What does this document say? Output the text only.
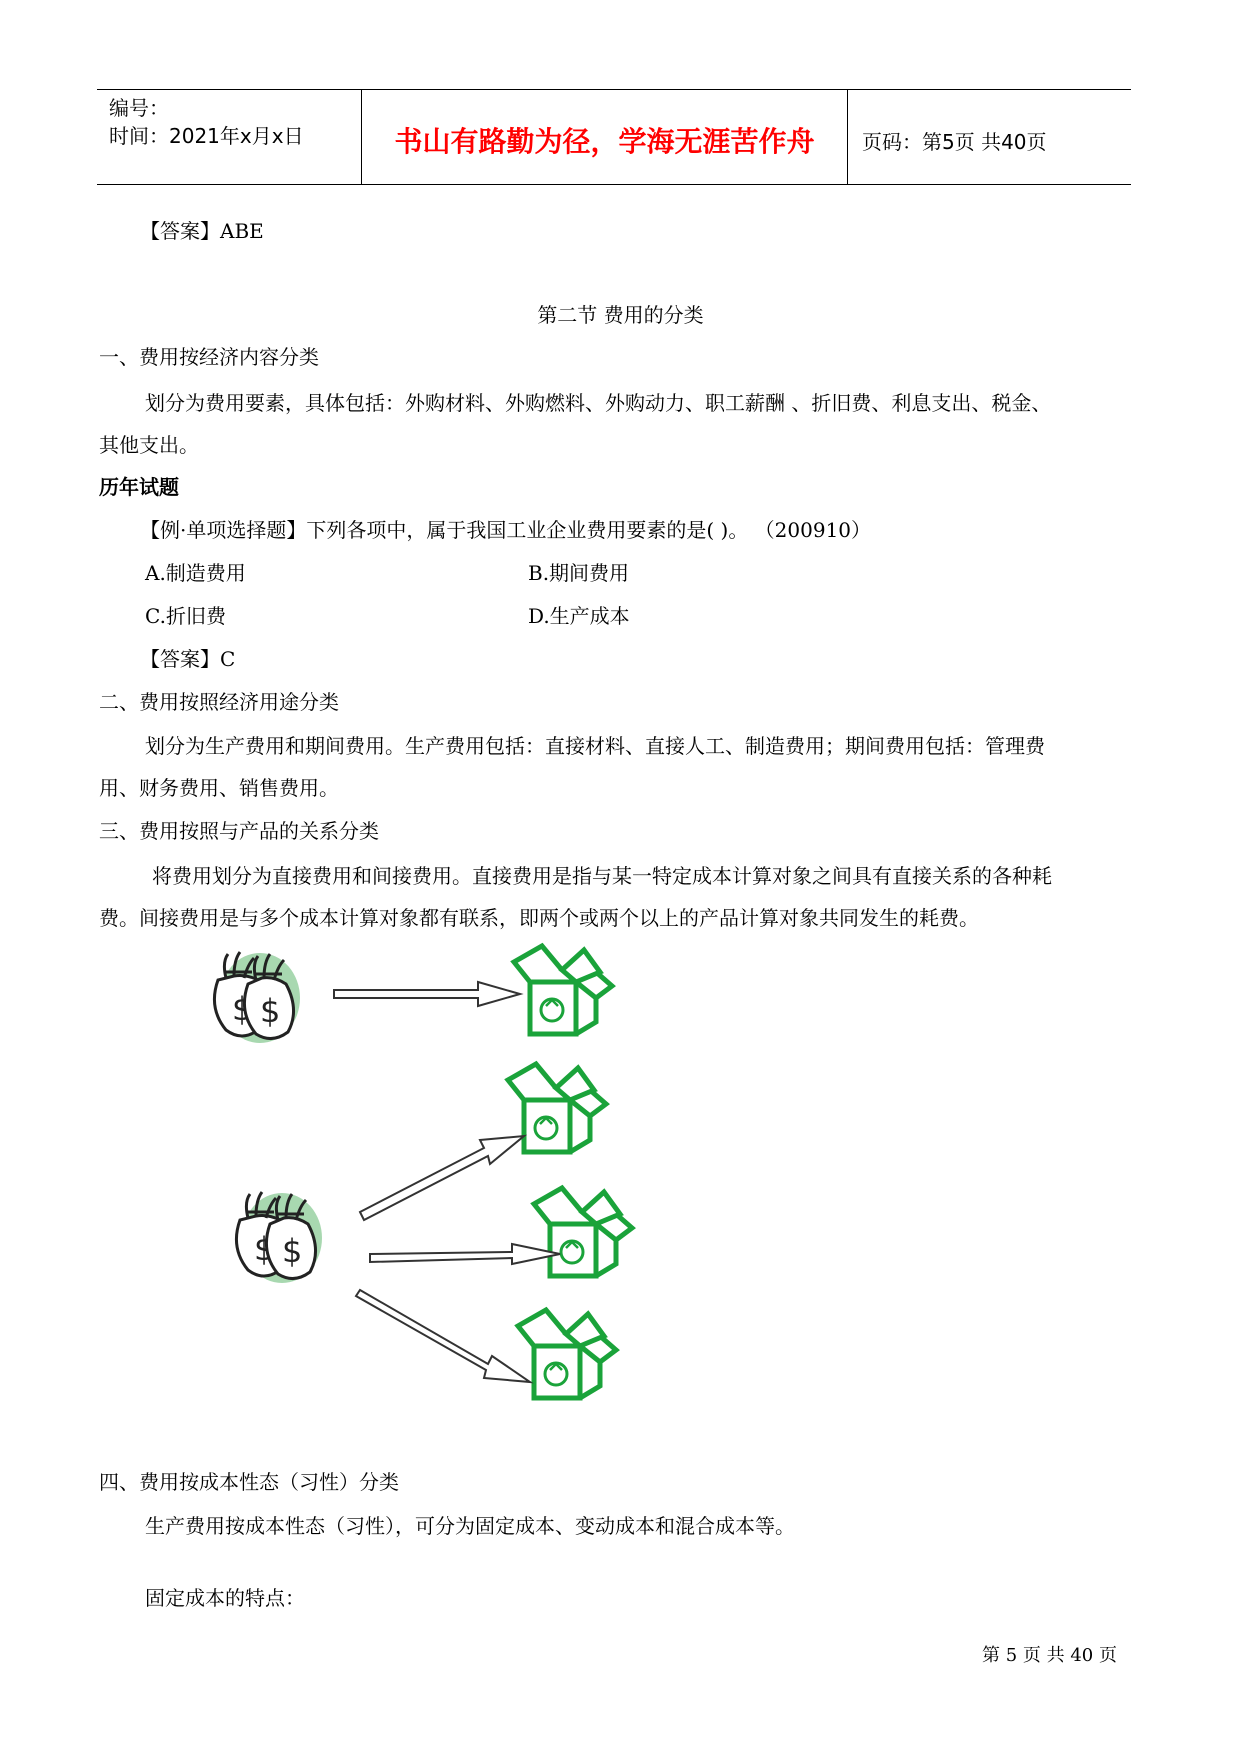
编号：
时间：2021年x月x日	书山有路勤为径，学海无涯苦作舟	页码：第5页 共40页
【答案】ABE
第二节 费用的分类
一、费用按经济内容分类
划分为费用要素，具体包括：外购材料、外购燃料、外购动力、职工薪酬 、折旧费、利息支出、税金、
其他支出。
历年试题
【例·单项选择题】下列各项中，属于我国工业企业费用要素的是( )。 （200910）
A.制造费用	B.期间费用
C.折旧费	D.生产成本
【答案】C
二、费用按照经济用途分类
划分为生产费用和期间费用。生产费用包括：直接材料、直接人工、制造费用；期间费用包括：管理费
用、财务费用、销售费用。
三、费用按照与产品的关系分类
将费用划分为直接费用和间接费用。直接费用是指与某一特定成本计算对象之间具有直接关系的各种耗
费。间接费用是与多个成本计算对象都有联系，即两个或两个以上的产品计算对象共同发生的耗费。
$ $
四、费用按成本性态（习性）分类
生产费用按成本性态（习性），可分为固定成本、变动成本和混合成本等。
固定成本的特点：
第 5 页 共 40 页
